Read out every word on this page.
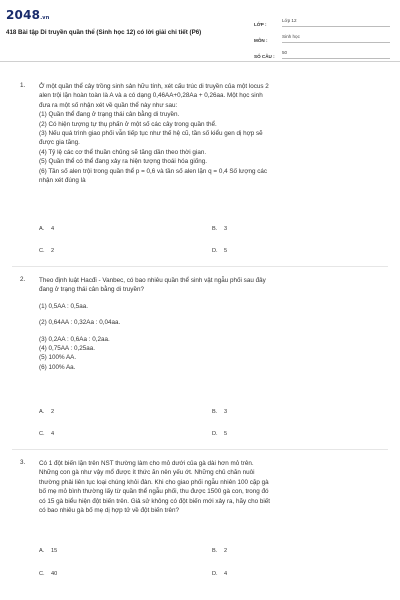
2048.vn
418 Bài tập Di truyền quần thể (Sinh học 12) có lời giải chi tiết (P6)
LỚP :
Lớp 12
MÔN :
Sinh học
SỐ CÂU :
50
1. Ở một quần thể cây trồng sinh sản hữu tính, xét cấu trúc di truyền của một locus 2
alen trội lặn hoàn toàn là A và a có dạng 0,46AA+0,28Aa + 0,26aa. Một học sinh
đưa ra một số nhận xét về quần thể này như sau:
(1) Quần thể đang ở trạng thái cân bằng di truyền.
(2) Có hiện tượng tự thụ phấn ở một số các cây trong quần thể.
(3) Nếu quá trình giao phối vẫn tiếp tục như thế hệ cũ, tần số kiểu gen dị hợp sẽ
được gia tăng.
(4) Tỷ lệ các cơ thể thuần chủng sẽ tăng dần theo thời gian.
(5) Quần thể có thể đang xảy ra hiện tượng thoái hóa giống.
(6) Tần số alen trội trong quần thể p = 0,6 và tần số alen lặn q = 0,4 Số lượng các
nhận xét đúng là
A. 4	B. 3
C. 2	D. 5
2. Theo định luật Hacđi - Vanbec, có bao nhiêu quần thể sinh vật ngẫu phối sau đây
đang ở trạng thái cân bằng di truyền?
(1) 0,5AA : 0,5aa.
(2) 0,64AA : 0,32Aa : 0,04aa.
(3) 0,2AA : 0,6Aa : 0,2aa.
(4) 0,75AA : 0,25aa.
(5) 100% AA.
(6) 100% Aa.
A. 2	B. 3
C. 4	D. 5
3. Có 1 đột biến lặn trên NST thường làm cho mỏ dưới của gà dài hơn mỏ trên.
Những con gà như vậy mổ được ít thức ăn nên yếu ớt. Những chủ chăn nuôi
thường phải liên tục loại chúng khỏi đàn. Khi cho giao phối ngẫu nhiên 100 cặp gà
bố mẹ mỏ bình thường lấy từ quần thể ngẫu phối, thu được 1500 gà con, trong đó
có 15 gà biểu hiện đột biến trên. Giả sử không có đột biến mới xảy ra, hãy cho biết
có bao nhiêu gà bố mẹ dị hợp tử về đột biến trên?
A. 15	B. 2
C. 40	D. 4
